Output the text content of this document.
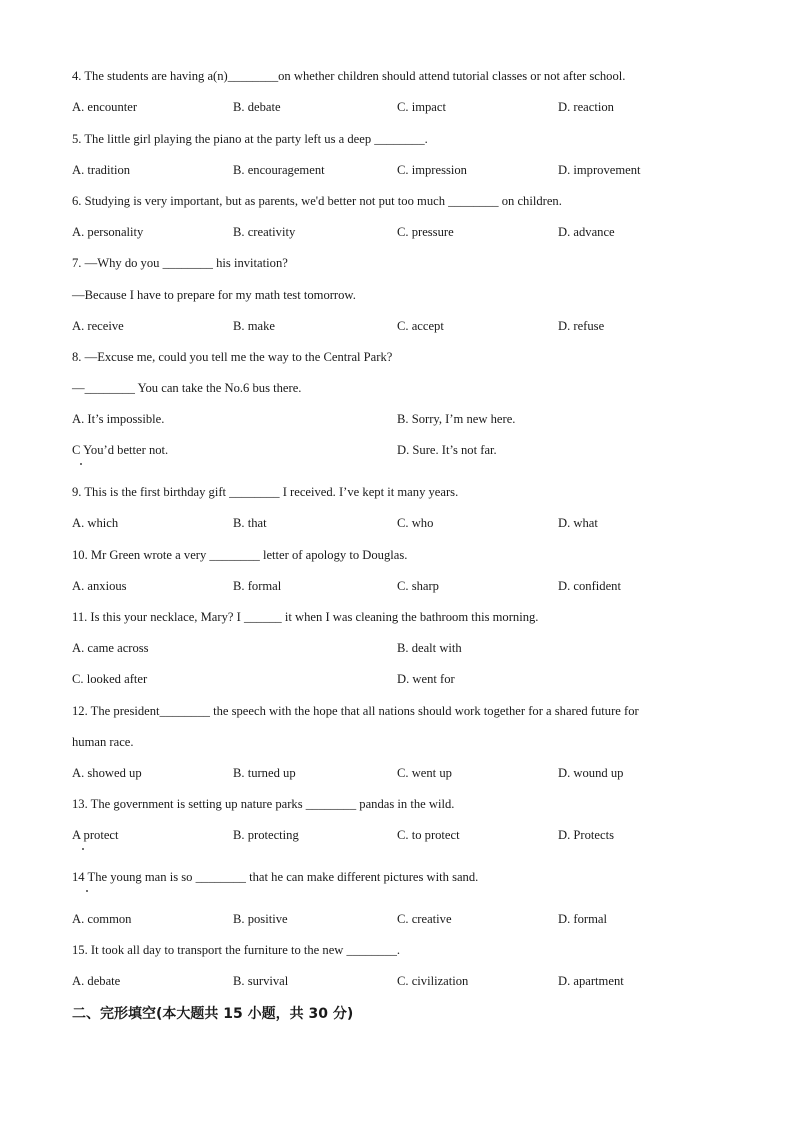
4. The students are having a(n)________on whether children should attend tutorial classes or not after school.
A. encounter	B. debate	C. impact	D. reaction
5. The little girl playing the piano at the party left us a deep ________.
A. tradition	B. encouragement	C. impression	D. improvement
6. Studying is very important, but as parents, we'd better not put too much ________ on children.
A. personality	B. creativity	C. pressure	D. advance
7. —Why do you ________ his invitation?
—Because I have to prepare for my math test tomorrow.
A. receive	B. make	C. accept	D. refuse
8. —Excuse me, could you tell me the way to the Central Park?
—________ You can take the No.6 bus there.
A. It’s impossible.	B. Sorry, I’m new here.
C You’d better not.	D. Sure. It’s not far.
9. This is the first birthday gift ________ I received. I’ve kept it many years.
A. which	B. that	C. who	D. what
10. Mr Green wrote a very ________ letter of apology to Douglas.
A. anxious	B. formal	C. sharp	D. confident
11. Is this your necklace, Mary? I ______ it when I was cleaning the bathroom this morning.
A. came across	B. dealt with
C. looked after	D. went for
12. The president________ the speech with the hope that all nations should work together for a shared future for
human race.
A. showed up	B. turned up	C. went up	D. wound up
13. The government is setting up nature parks ________ pandas in the wild.
A protect	B. protecting	C. to protect	D. Protects
14 The young man is so ________ that he can make different pictures with sand.
A. common	B. positive	C. creative	D. formal
15. It took all day to transport the furniture to the new ________.
A. debate	B. survival	C. civilization	D. apartment
二、完形填空(本大题共 15 小题，共 30 分)
